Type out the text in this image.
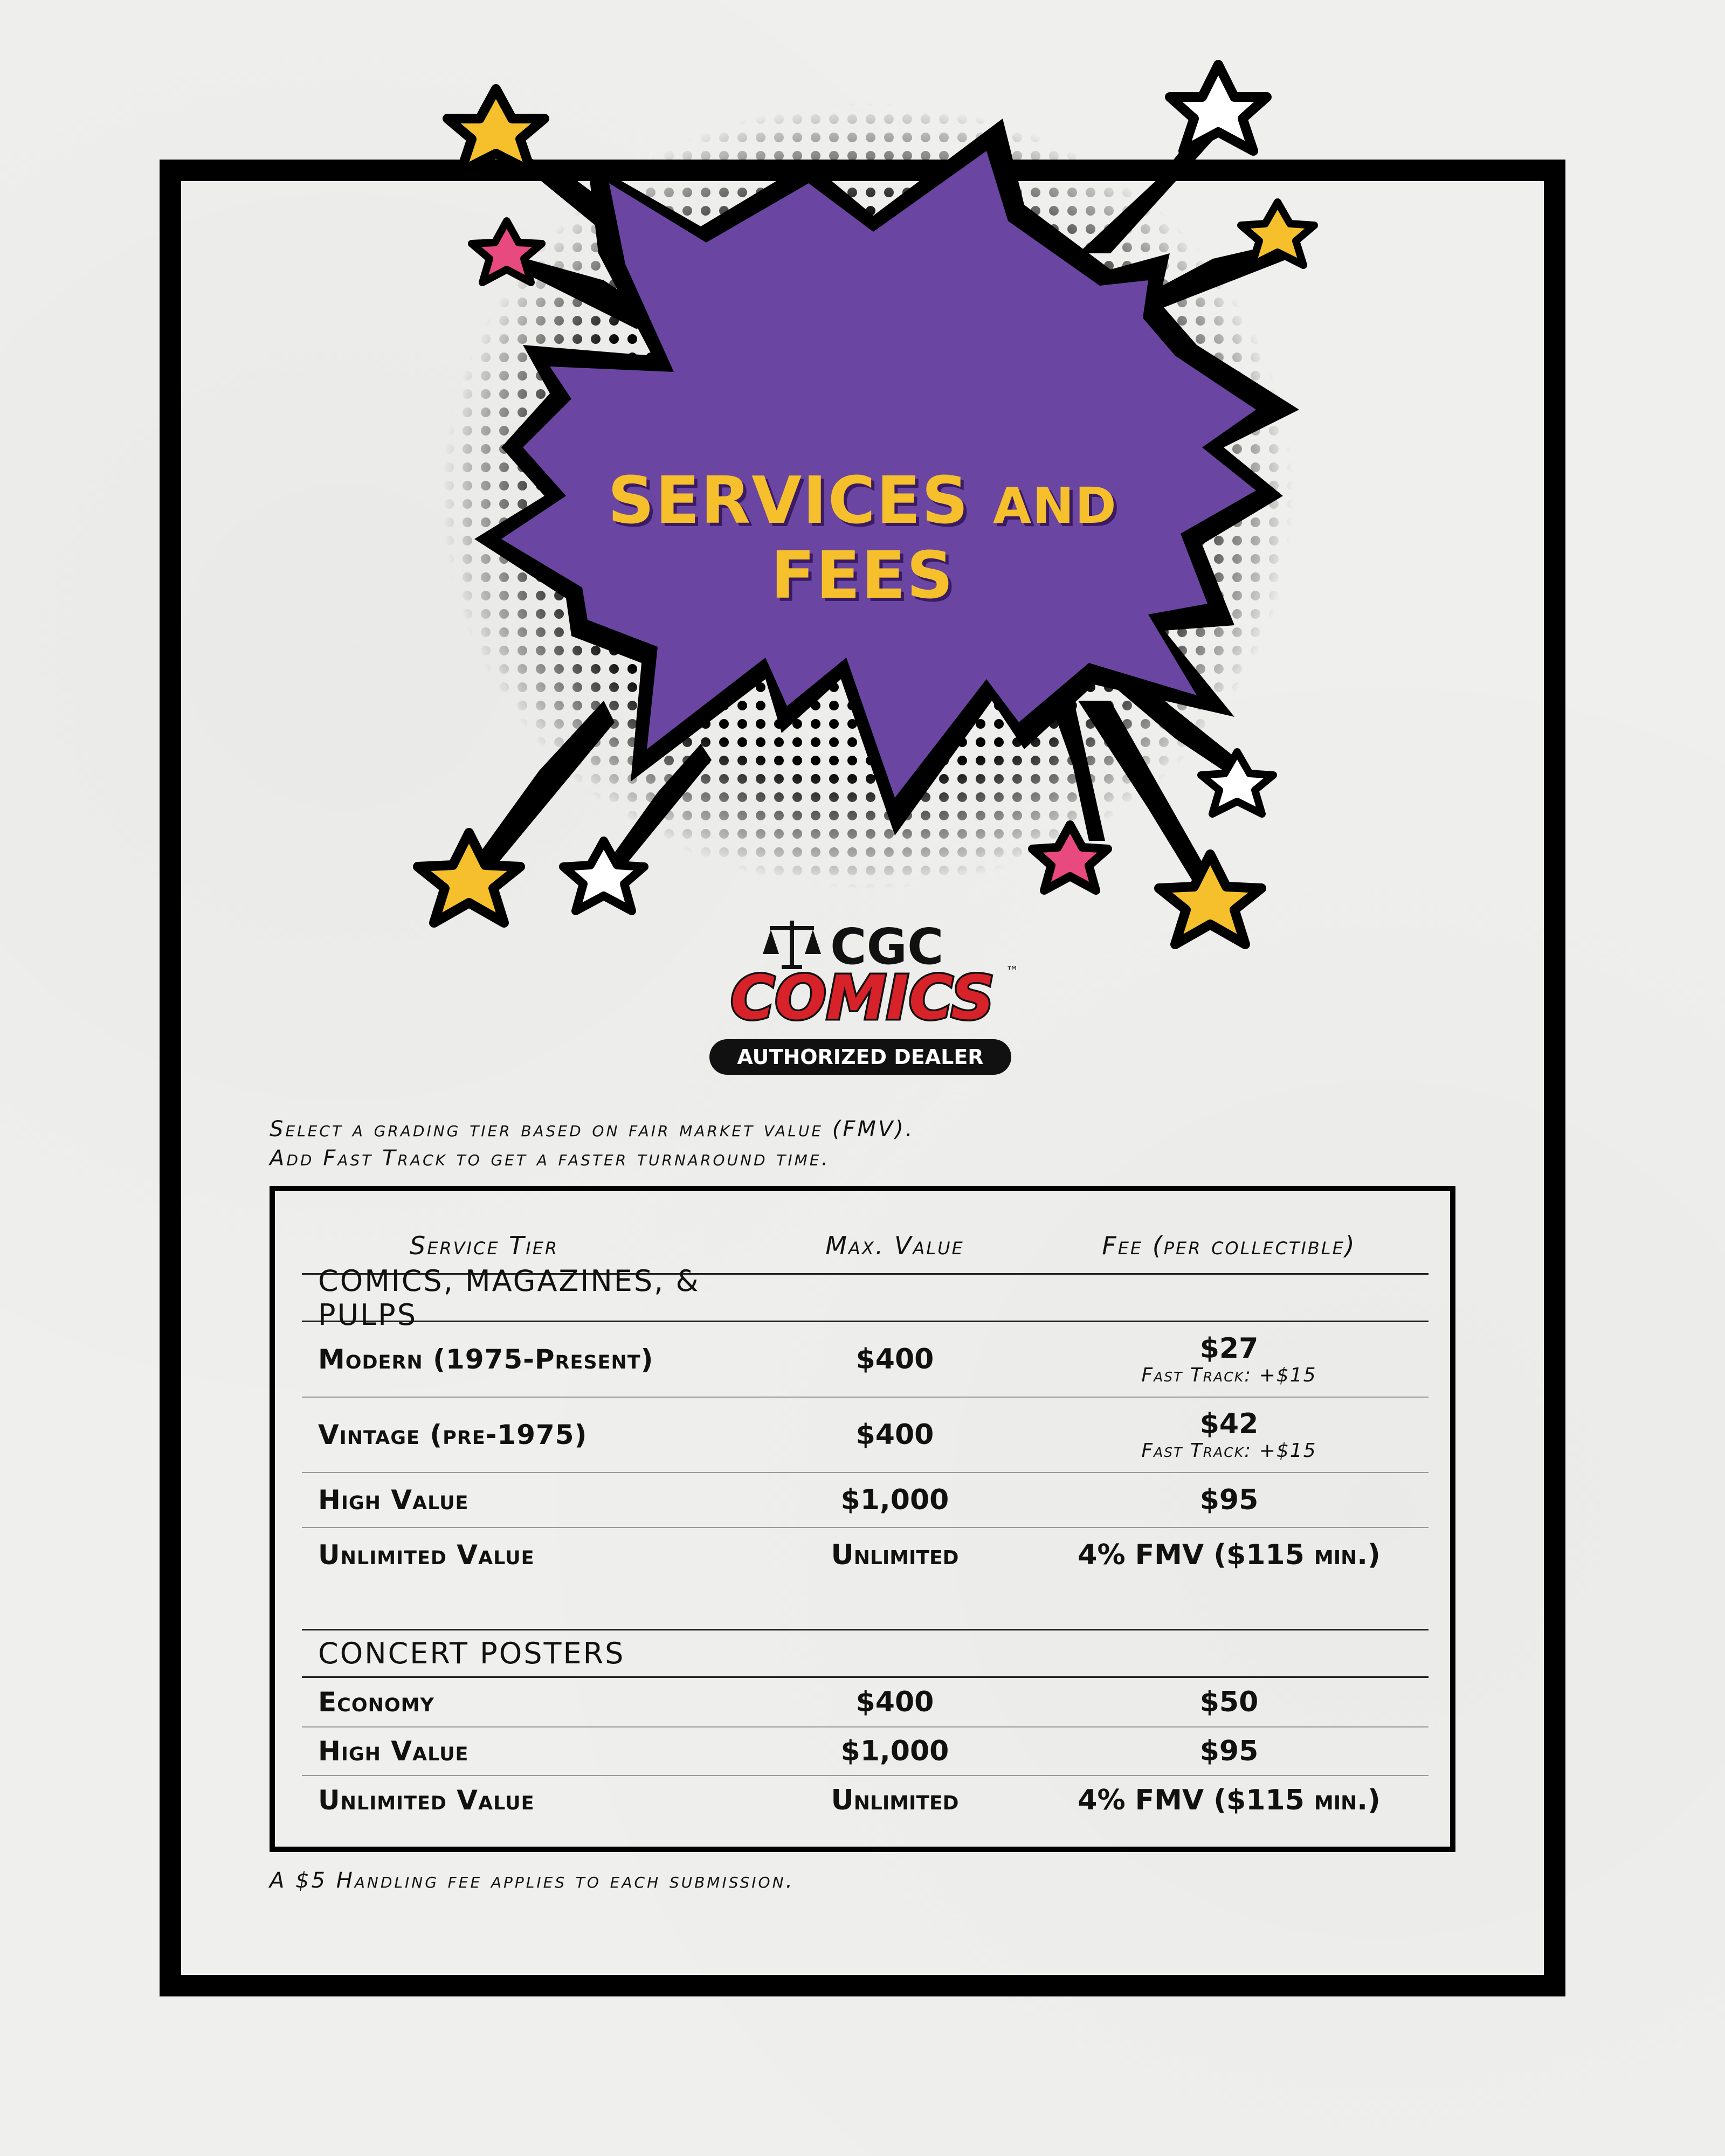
SERVICES AND FEES
CGC
COMICS ™
AUTHORIZED DEALER
Select a grading tier based on fair market value (FMV).
Add Fast Track to get a faster turnaround time.
Service Tier	Max. Value	Fee (per collectible)
COMICS, MAGAZINES, & PULPS
Modern (1975-Present)	$400	$27
Fast Track: +$15
Vintage (pre-1975)	$400	$42
Fast Track: +$15
High Value	$1,000	$95
Unlimited Value	Unlimited	4% FMV ($115 min.)
CONCERT POSTERS
Economy	$400	$50
High Value	$1,000	$95
Unlimited Value	Unlimited	4% FMV ($115 min.)
A $5 Handling fee applies to each submission.
